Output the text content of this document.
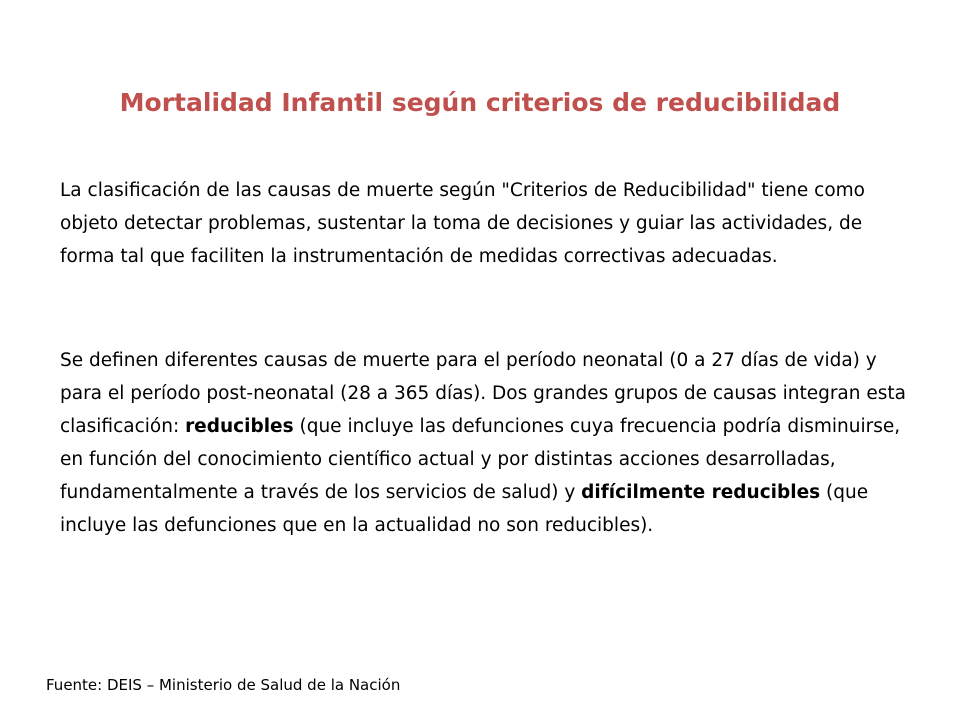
Mortalidad Infantil según criterios de reducibilidad

La clasificación de las causas de muerte según "Criterios de Reducibilidad" tiene como objeto detectar problemas, sustentar la toma de decisiones y guiar las actividades, de forma tal que faciliten la instrumentación de medidas correctivas adecuadas.

Se definen diferentes causas de muerte para el período neonatal (0 a 27 días de vida) y para el período post-neonatal (28 a 365 días). Dos grandes grupos de causas integran esta clasificación: reducibles (que incluye las defunciones cuya frecuencia podría disminuirse, en función del conocimiento científico actual y por distintas acciones desarrolladas, fundamentalmente a través de los servicios de salud) y difícilmente reducibles (que incluye las defunciones que en la actualidad no son reducibles).

Fuente: DEIS – Ministerio de Salud de la Nación
